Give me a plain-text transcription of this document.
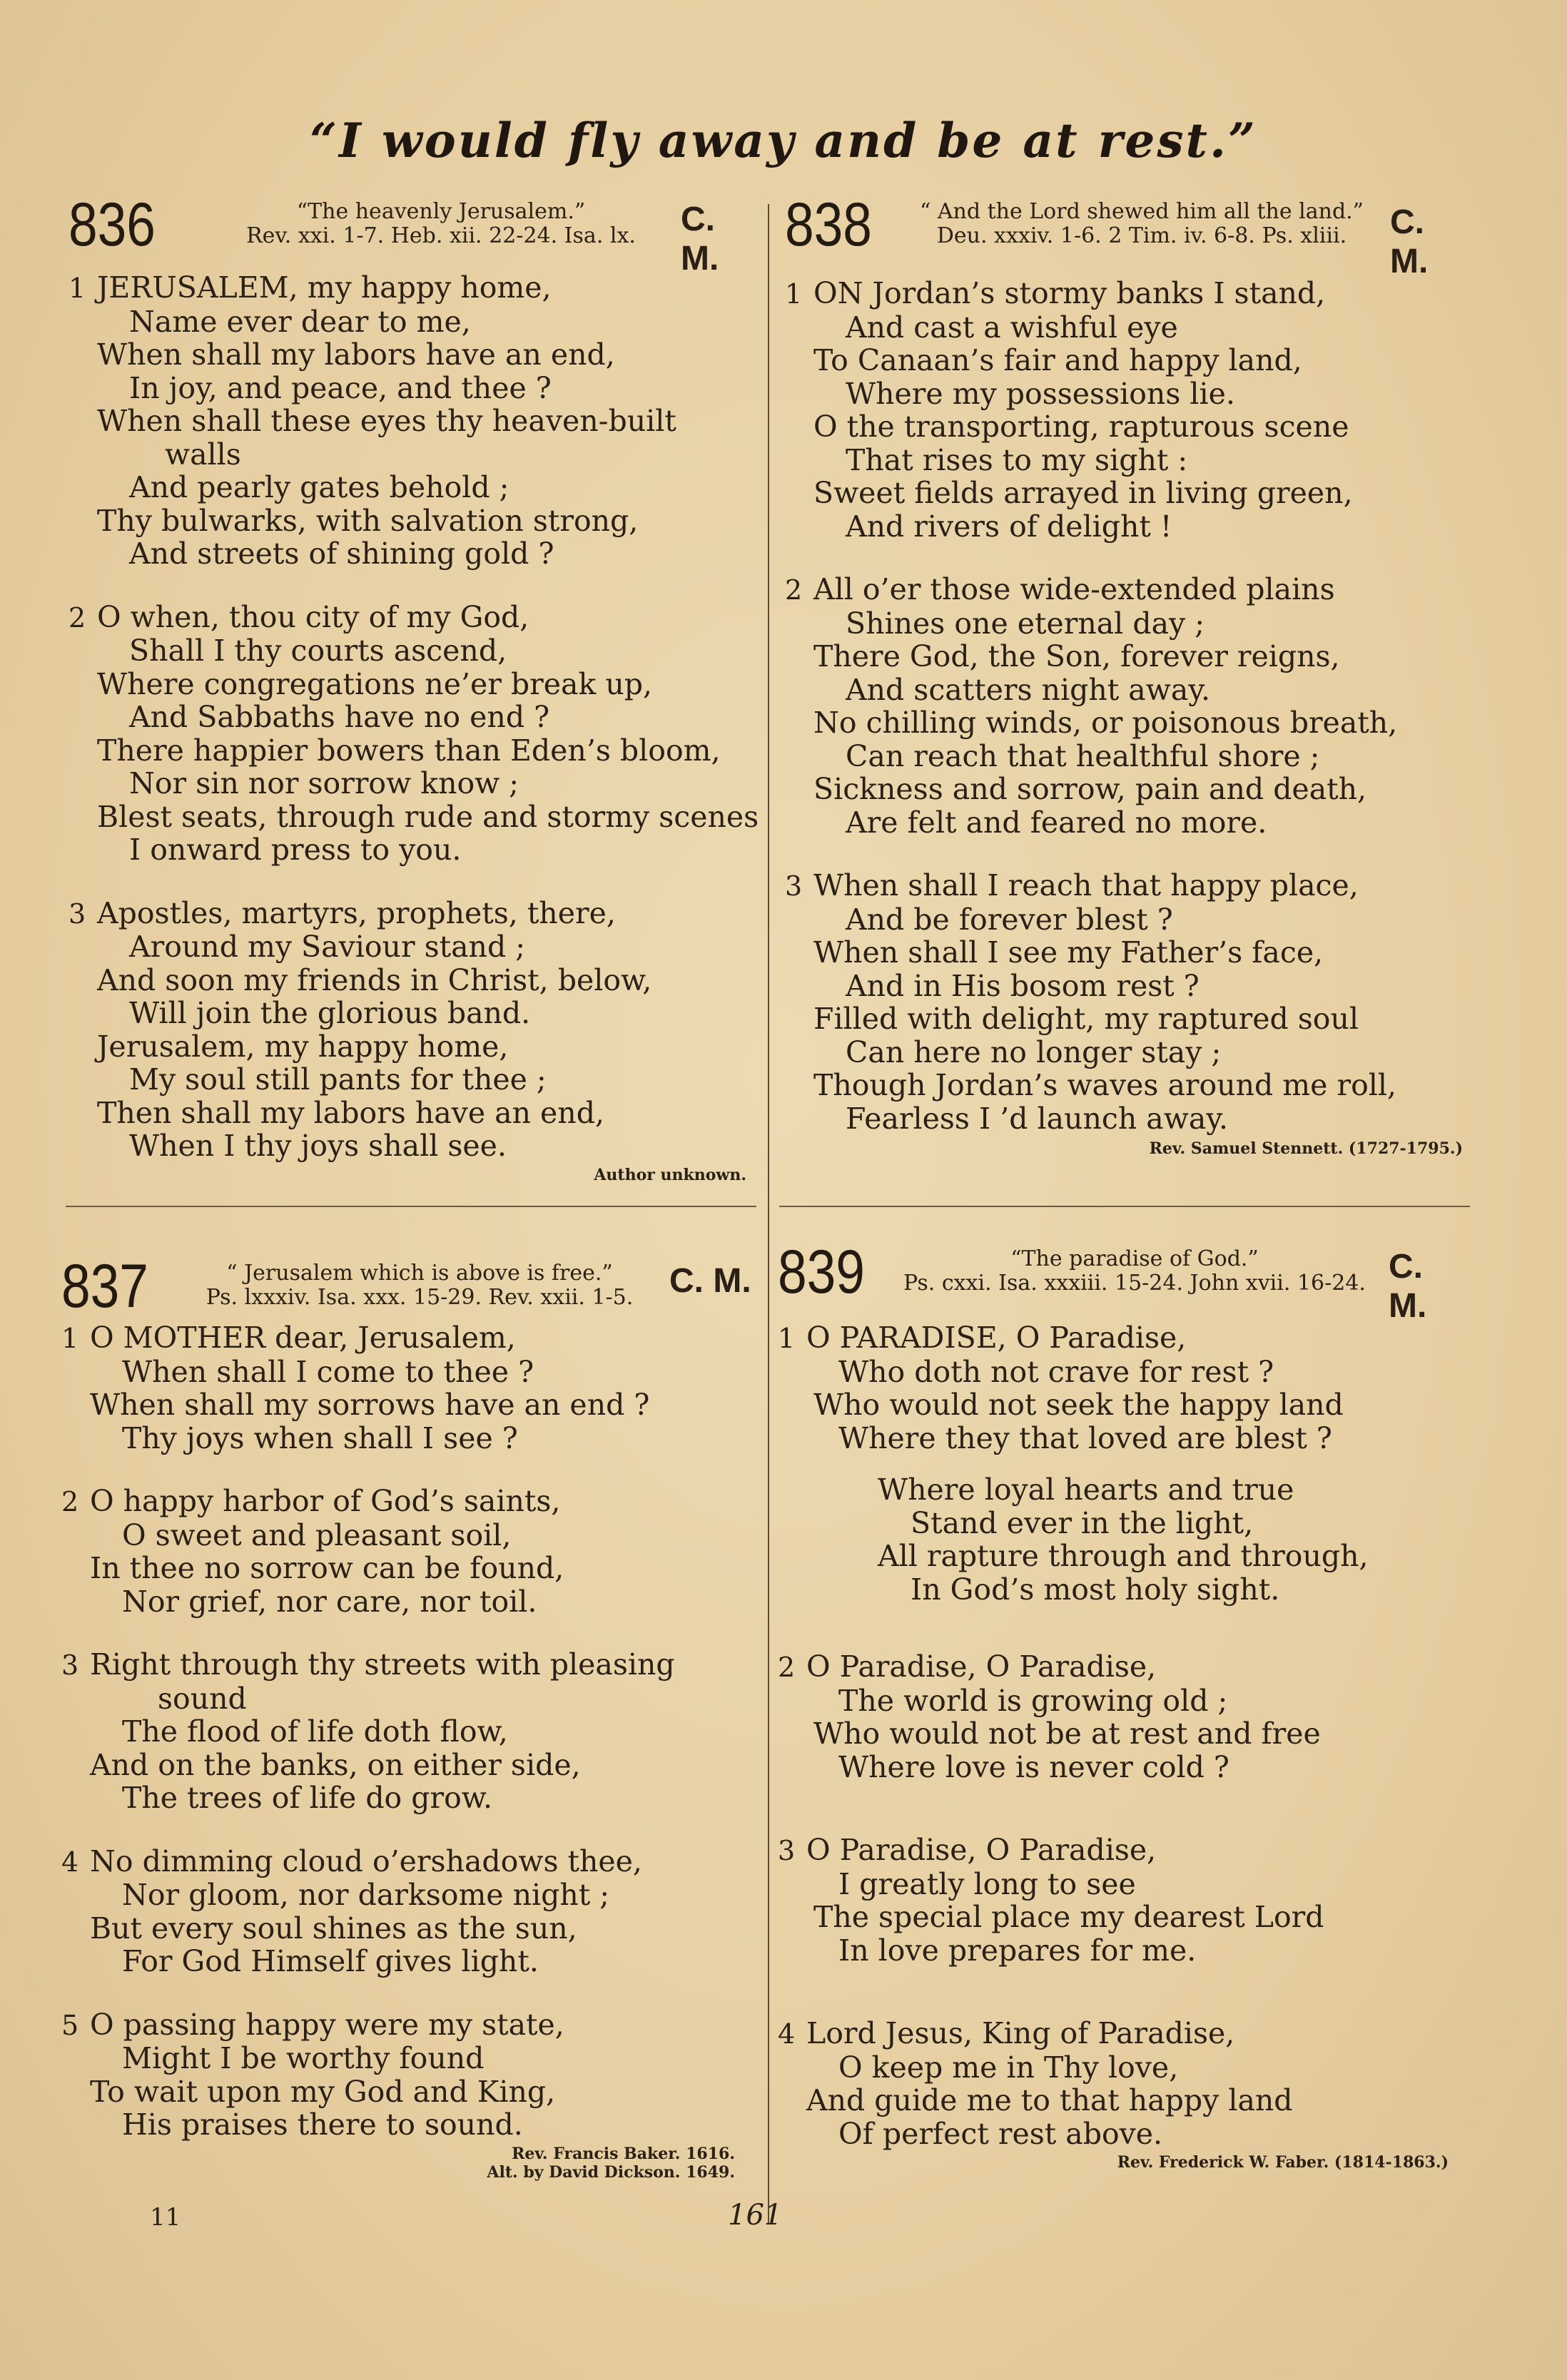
“I would fly away and be at rest.”
836	“The heavenly Jerusalem.”
Rev. xxi. 1-7. Heb. xii. 22-24. Isa. lx.	C. M.
1 JERUSALEM, my happy home,
Name ever dear to me,
When shall my labors have an end,
In joy, and peace, and thee ?
When shall these eyes thy heaven-built
walls
And pearly gates behold ;
Thy bulwarks, with salvation strong,
And streets of shining gold ?
2 O when, thou city of my God,
Shall I thy courts ascend,
Where congregations ne’er break up,
And Sabbaths have no end ?
There happier bowers than Eden’s bloom,
Nor sin nor sorrow know ;
Blest seats, through rude and stormy scenes
I onward press to you.
3 Apostles, martyrs, prophets, there,
Around my Saviour stand ;
And soon my friends in Christ, below,
Will join the glorious band.
Jerusalem, my happy home,
My soul still pants for thee ;
Then shall my labors have an end,
When I thy joys shall see.
Author unknown.
837	“ Jerusalem which is above is free.”
Ps. lxxxiv. Isa. xxx. 15-29. Rev. xxii. 1-5.	C. M.
1 O MOTHER dear, Jerusalem,
When shall I come to thee ?
When shall my sorrows have an end ?
Thy joys when shall I see ?
2 O happy harbor of God’s saints,
O sweet and pleasant soil,
In thee no sorrow can be found,
Nor grief, nor care, nor toil.
3 Right through thy streets with pleasing
sound
The flood of life doth flow,
And on the banks, on either side,
The trees of life do grow.
4 No dimming cloud o’ershadows thee,
Nor gloom, nor darksome night ;
But every soul shines as the sun,
For God Himself gives light.
5 O passing happy were my state,
Might I be worthy found
To wait upon my God and King,
His praises there to sound.
Rev. Francis Baker. 1616.
Alt. by David Dickson. 1649.
838	“ And the Lord shewed him all the land.”
Deu. xxxiv. 1-6. 2 Tim. iv. 6-8. Ps. xliii.	C. M.
1 ON Jordan’s stormy banks I stand,
And cast a wishful eye
To Canaan’s fair and happy land,
Where my possessions lie.
O the transporting, rapturous scene
That rises to my sight :
Sweet fields arrayed in living green,
And rivers of delight !
2 All o’er those wide-extended plains
Shines one eternal day ;
There God, the Son, forever reigns,
And scatters night away.
No chilling winds, or poisonous breath,
Can reach that healthful shore ;
Sickness and sorrow, pain and death,
Are felt and feared no more.
3 When shall I reach that happy place,
And be forever blest ?
When shall I see my Father’s face,
And in His bosom rest ?
Filled with delight, my raptured soul
Can here no longer stay ;
Though Jordan’s waves around me roll,
Fearless I ’d launch away.
Rev. Samuel Stennett. (1727-1795.)
839	“The paradise of God.”
Ps. cxxi. Isa. xxxiii. 15-24. John xvii. 16-24. C. M.
1 O PARADISE, O Paradise,
Who doth not crave for rest ?
Who would not seek the happy land
Where they that loved are blest ?
Where loyal hearts and true
Stand ever in the light,
All rapture through and through,
In God’s most holy sight.
2 O Paradise, O Paradise,
The world is growing old ;
Who would not be at rest and free
Where love is never cold ?
3 O Paradise, O Paradise,
I greatly long to see
The special place my dearest Lord
In love prepares for me.
4 Lord Jesus, King of Paradise,
O keep me in Thy love,
And guide me to that happy land
Of perfect rest above.
Rev. Frederick W. Faber. (1814-1863.)
11	161
